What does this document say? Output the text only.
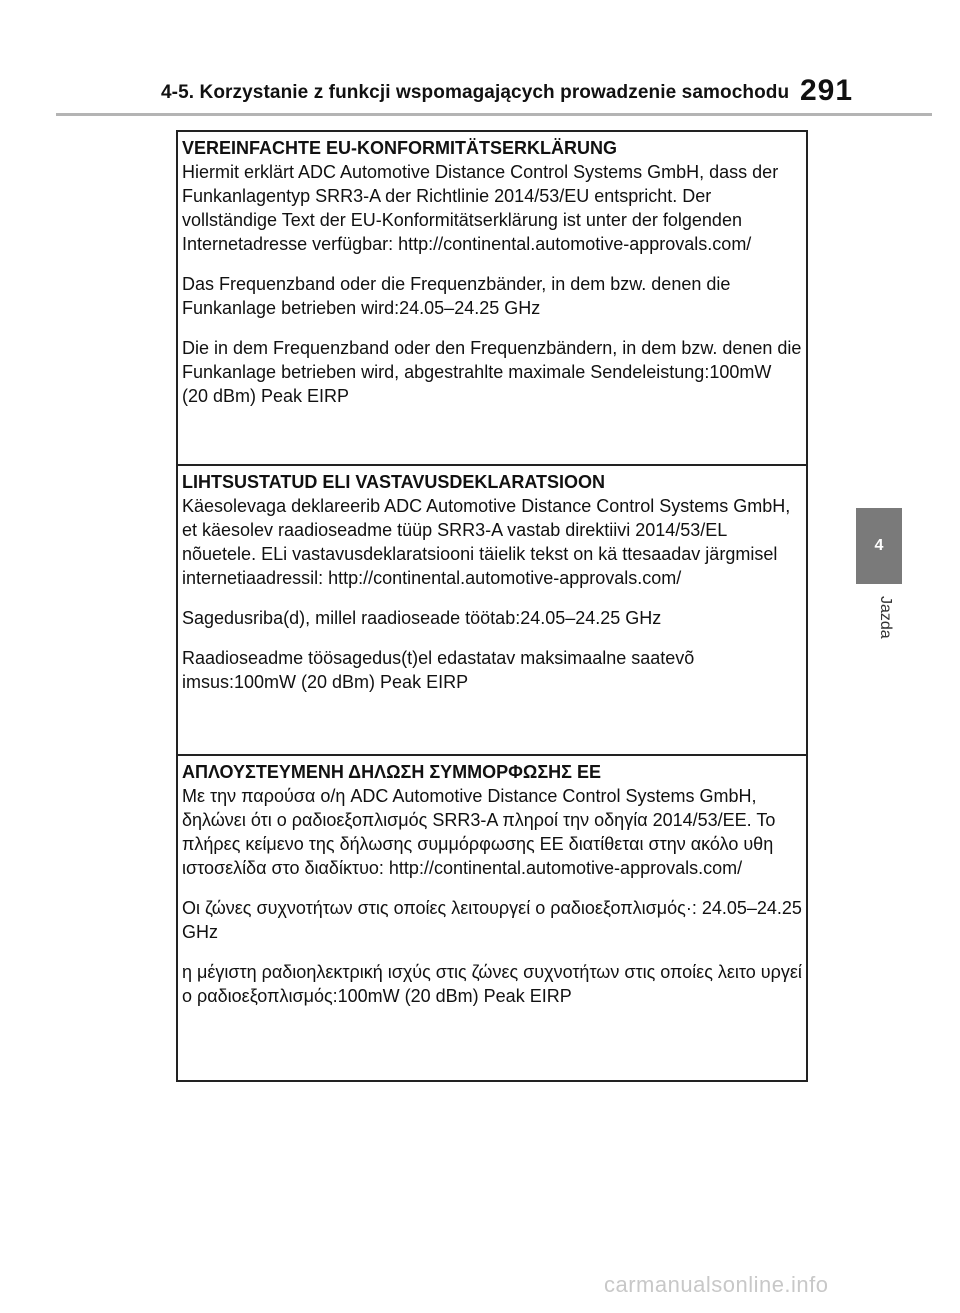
4-5. Korzystanie z funkcji wspomagających prowadzenie samochodu 291
4
Jazda
VEREINFACHTE EU-KONFORMITÄTSERKLÄRUNG

Hiermit erklärt ADC Automotive Distance Control Systems GmbH, dass der Funkanlagentyp SRR3-A der Richtlinie 2014/53/EU entspricht. Der vollständige Text der EU-Konformitätserklärung ist unter der folgenden Internetadresse verfügbar: http://continental.automotive-approvals.com/

Das Frequenzband oder die Frequenzbänder, in dem bzw. denen die Funkanlage betrieben wird:24.05–24.25 GHz

Die in dem Frequenzband oder den Frequenzbändern, in dem bzw. denen die Funkanlage betrieben wird, abgestrahlte maximale Sendeleistung:100mW (20 dBm) Peak EIRP

LIHTSUSTATUD ELI VASTAVUSDEKLARATSIOON

Käesolevaga deklareerib ADC Automotive Distance Control Systems GmbH, et käesolev raadioseadme tüüp SRR3-A vastab direktiivi 2014/53/EL nõuetele. ELi vastavusdeklaratsiooni täielik tekst on kä ttesaadav järgmisel internetiaadressil: http://continental.automotive-approvals.com/

Sagedusriba(d), millel raadioseade töötab:24.05–24.25 GHz

Raadioseadme töösagedus(t)el edastatav maksimaalne saatevõ imsus:100mW (20 dBm) Peak EIRP

ΑΠΛΟΥΣΤΕΥΜΕΝΗ ΔΗΛΩΣΗ ΣΥΜΜΟΡΦΩΣΗΣ ΕΕ

Με την παρούσα ο/η ADC Automotive Distance Control Systems GmbH, δηλώνει ότι ο ραδιοεξοπλισμός SRR3-A πληροί την οδηγία 2014/53/ΕΕ. Το πλήρες κείμενο της δήλωσης συμμόρφωσης ΕΕ διατίθεται στην ακόλο υθη ιστοσελίδα στο διαδίκτυο: http://continental.automotive-approvals.com/

Οι ζώνες συχνοτήτων στις οποίες λειτουργεί ο ραδιοεξοπλισμός·: 24.05–24.25 GHz

η μέγιστη ραδιοηλεκτρική ισχύς στις ζώνες συχνοτήτων στις οποίες λειτο υργεί ο ραδιοεξοπλισμός:100mW (20 dBm) Peak EIRP

carmanualsonline.info
